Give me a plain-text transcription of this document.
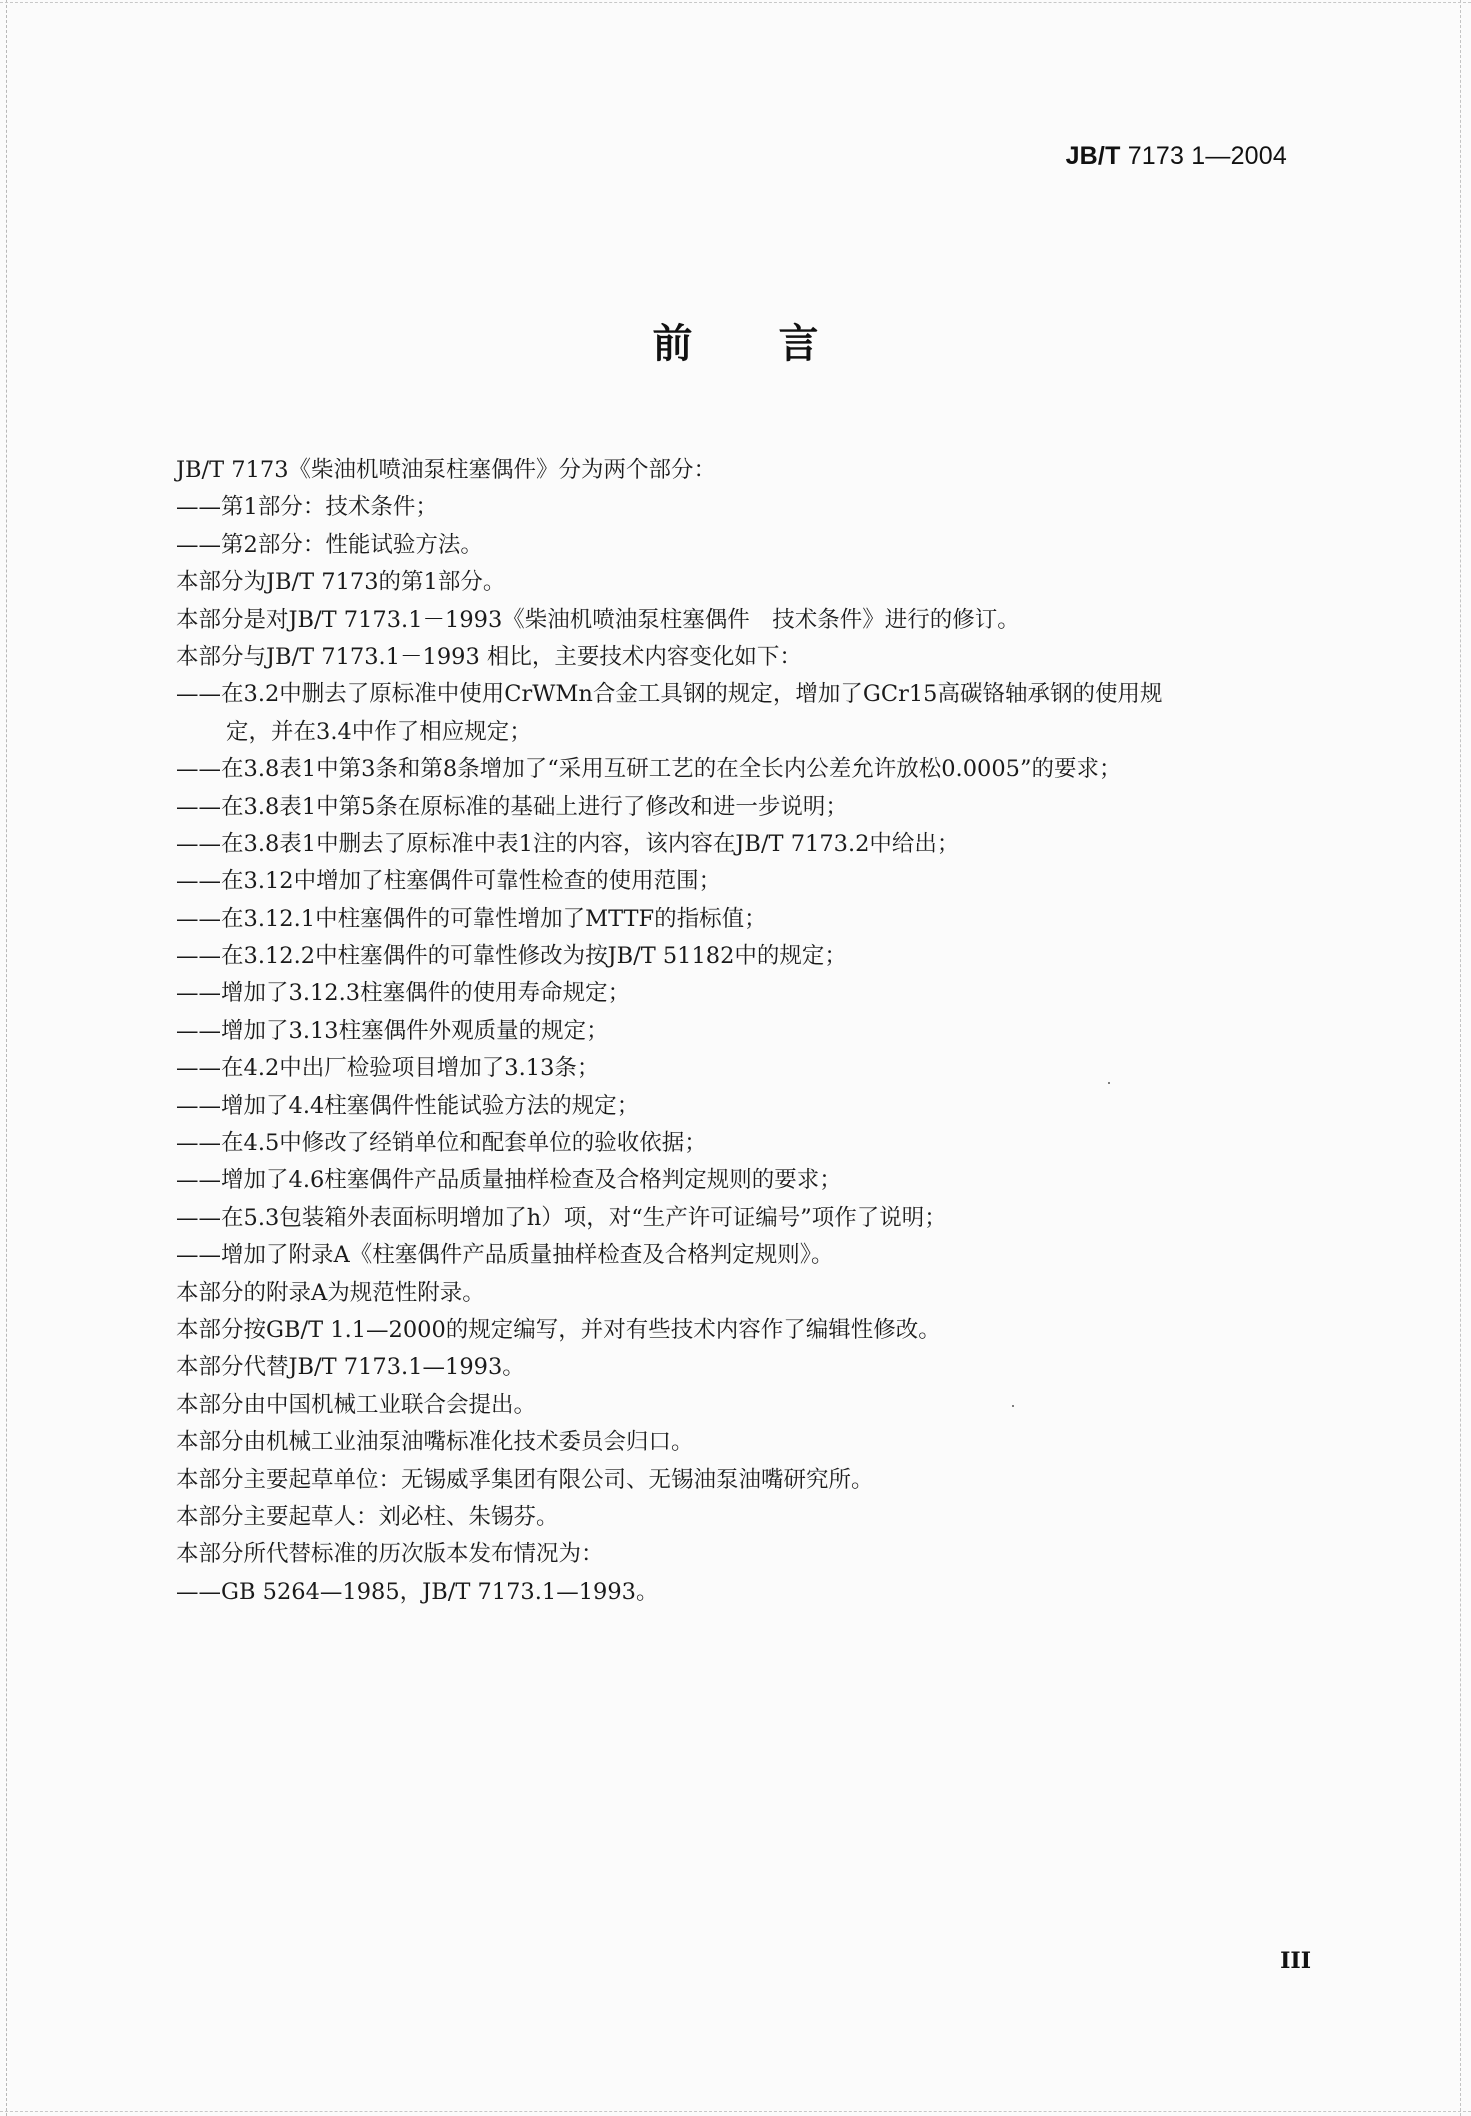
JB/T 7173 1—2004
前 言
JB/T 7173《柴油机喷油泵柱塞偶件》分为两个部分：
——第1部分：技术条件；
——第2部分：性能试验方法。
本部分为JB/T 7173的第1部分。
本部分是对JB/T 7173.1－1993《柴油机喷油泵柱塞偶件　技术条件》进行的修订。
本部分与JB/T 7173.1－1993 相比，主要技术内容变化如下：
——在3.2中删去了原标准中使用CrWMn合金工具钢的规定，增加了GCr15高碳铬轴承钢的使用规
定，并在3.4中作了相应规定；
——在3.8表1中第3条和第8条增加了“采用互研工艺的在全长内公差允许放松0.0005”的要求；
——在3.8表1中第5条在原标准的基础上进行了修改和进一步说明；
——在3.8表1中删去了原标准中表1注的内容，该内容在JB/T 7173.2中给出；
——在3.12中增加了柱塞偶件可靠性检查的使用范围；
——在3.12.1中柱塞偶件的可靠性增加了MTTF的指标值；
——在3.12.2中柱塞偶件的可靠性修改为按JB/T 51182中的规定；
——增加了3.12.3柱塞偶件的使用寿命规定；
——增加了3.13柱塞偶件外观质量的规定；
——在4.2中出厂检验项目增加了3.13条；
——增加了4.4柱塞偶件性能试验方法的规定；
——在4.5中修改了经销单位和配套单位的验收依据；
——增加了4.6柱塞偶件产品质量抽样检查及合格判定规则的要求；
——在5.3包装箱外表面标明增加了h）项，对“生产许可证编号”项作了说明；
——增加了附录A《柱塞偶件产品质量抽样检查及合格判定规则》。
本部分的附录A为规范性附录。
本部分按GB/T 1.1—2000的规定编写，并对有些技术内容作了编辑性修改。
本部分代替JB/T 7173.1—1993。
本部分由中国机械工业联合会提出。
本部分由机械工业油泵油嘴标准化技术委员会归口。
本部分主要起草单位：无锡威孚集团有限公司、无锡油泵油嘴研究所。
本部分主要起草人：刘必柱、朱锡芬。
本部分所代替标准的历次版本发布情况为：
——GB 5264—1985，JB/T 7173.1—1993。
III
